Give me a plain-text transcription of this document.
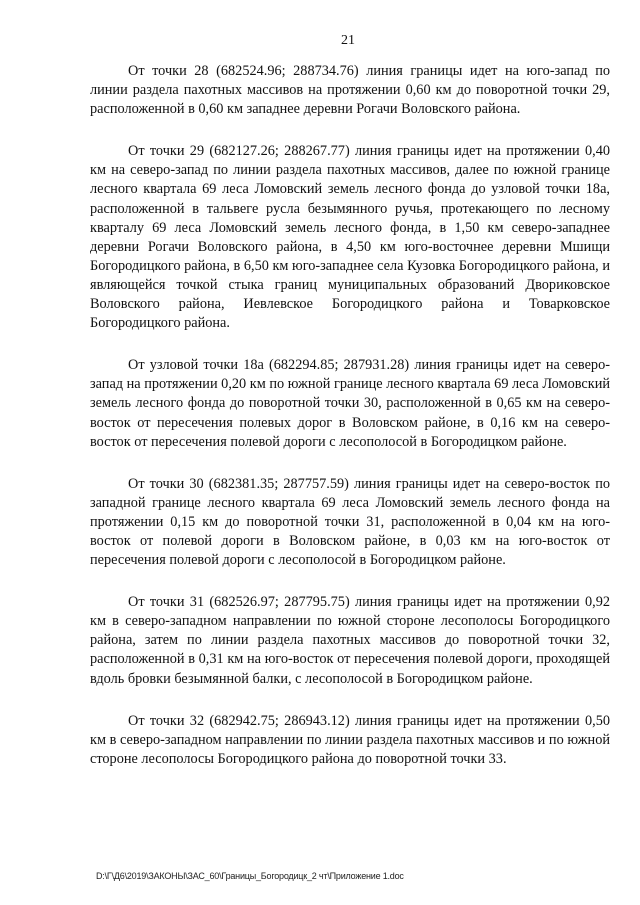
21

От точки 28 (682524.96; 288734.76) линия границы идет на юго-запад по линии раздела пахотных массивов на протяжении 0,60 км до поворотной точки 29, расположенной в 0,60 км западнее деревни Рогачи Воловского района.

От точки 29 (682127.26; 288267.77) линия границы идет на протяжении 0,40 км на северо-запад по линии раздела пахотных массивов, далее по южной границе лесного квартала 69 леса Ломовский земель лесного фонда до узловой точки 18а, расположенной в тальвеге русла безымянного ручья, протекающего по лесному кварталу 69 леса Ломовский земель лесного фонда, в 1,50 км северо-западнее деревни Рогачи Воловского района, в 4,50 км юго-восточнее деревни Мшищи Богородицкого района, в 6,50 км юго-западнее села Кузовка Богородицкого района, и являющейся точкой стыка границ муниципальных образований Двориковское Воловского района, Иевлевское Богородицкого района и Товарковское Богородицкого района.

От узловой точки 18а (682294.85; 287931.28) линия границы идет на северо-запад на протяжении 0,20 км по южной границе лесного квартала 69 леса Ломовский земель лесного фонда до поворотной точки 30, расположенной в 0,65 км на северо-восток от пересечения полевых дорог в Воловском районе, в 0,16 км на северо-восток от пересечения полевой дороги с лесополосой в Богородицком районе.

От точки 30 (682381.35; 287757.59) линия границы идет на северо-восток по западной границе лесного квартала 69 леса Ломовский земель лесного фонда на протяжении 0,15 км до поворотной точки 31, расположенной в 0,04 км на юго-восток от полевой дороги в Воловском районе, в 0,03 км на юго-восток от пересечения полевой дороги с лесополосой в Богородицком районе.

От точки 31 (682526.97; 287795.75) линия границы идет на протяжении 0,92 км в северо-западном направлении по южной стороне лесополосы Богородицкого района, затем по линии раздела пахотных массивов до поворотной точки 32, расположенной в 0,31 км на юго-восток от пересечения полевой дороги, проходящей вдоль бровки безымянной балки, с лесополосой в Богородицком районе.

От точки 32 (682942.75; 286943.12) линия границы идет на протяжении 0,50 км в северо-западном направлении по линии раздела пахотных массивов и по южной стороне лесополосы Богородицкого района до поворотной точки 33.

D:\Г\Д6\2019\ЗАКОНЫ\ЗАС_60\Границы_Богородицк_2 чт\Приложение 1.doc
